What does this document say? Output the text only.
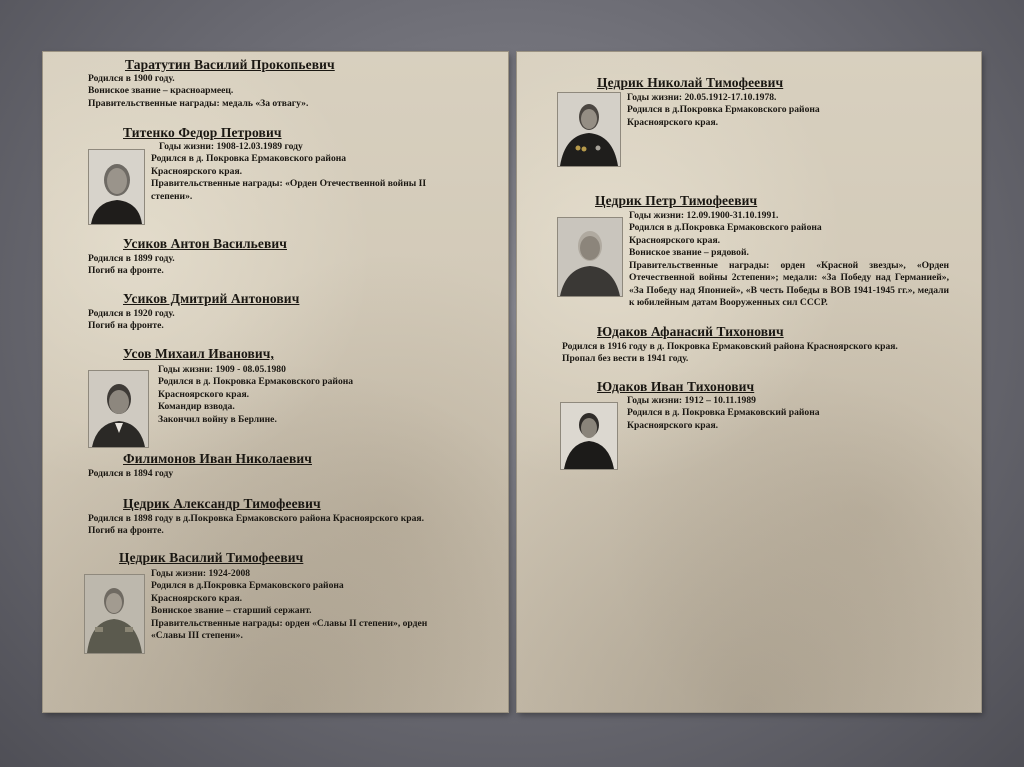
Таратутин Василий Прокопьевич
Родился в 1900 году.
Вониское звание – красноармеец.
Правительственные награды: медаль «За отвагу».
Титенко Федор Петрович
Годы жизни: 1908-12.03.1989 году
Родился в д. Покровка Ермаковского района
Красноярского края.
Правительственные награды: «Орден Отечественной войны II
степени».
Усиков Антон Васильевич
Родился в 1899 году.
Погиб на фронте.
Усиков Дмитрий Антонович
Родился в 1920 году.
Погиб на фронте.
Усов Михаил Иванович,
Годы жизни: 1909 - 08.05.1980
Родился в д. Покровка Ермаковского района
Красноярского края.
Командир взвода.
Закончил войну в Берлине.
Филимонов Иван Николаевич
Родился в 1894 году
Цедрик Александр Тимофеевич
Родился в 1898 году в д.Покровка Ермаковского района Красноярского края.
Погиб на фронте.
Цедрик Василий Тимофеевич
Годы жизни: 1924-2008
Родился в д.Покровка Ермаковского района
Красноярского края.
Вониское звание – старший сержант.
Правительственные награды: орден «Славы II степени», орден
«Славы III степени».
Цедрик Николай Тимофеевич
Годы жизни: 20.05.1912-17.10.1978.
Родился в д.Покровка Ермаковского района
Красноярского края.
Цедрик Петр Тимофеевич
Годы жизни: 12.09.1900-31.10.1991.
Родился в д.Покровка Ермаковского района
Красноярского края.
Вониское звание – рядовой.
Правительственные награды: орден «Красной звезды», «Орден Отечественной войны 2степени»; медали: «За Победу над Германией», «За Победу над Японией», «В честь Победы в ВОВ 1941-1945 гг.», медали к юбилейным датам Вооруженных сил СССР.
Юдаков Афанасий Тихонович
Родился в 1916 году в д. Покровка Ермаковский района Красноярского края.
Пропал без вести в 1941 году.
Юдаков Иван Тихонович
Годы жизни: 1912 – 10.11.1989
Родился в д. Покровка Ермаковский района
Красноярского края.
